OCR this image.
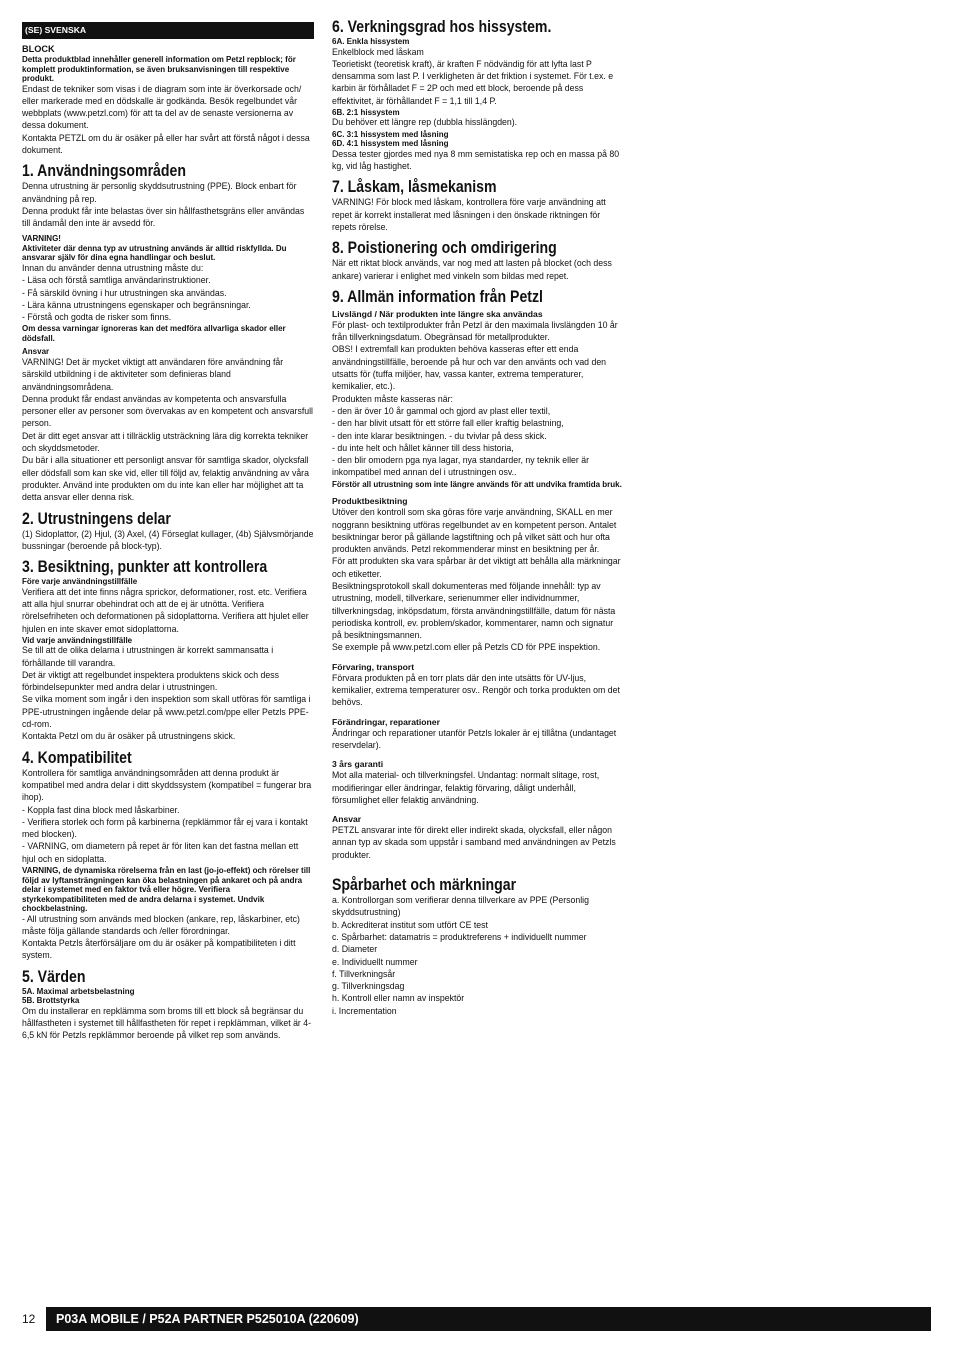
(SE) SVENSKA
BLOCK

Detta produktblad innehåller generell information om Petzl repblock; för komplett produktinformation, se även bruksanvisningen till respektive produkt.

Endast de tekniker som visas i de diagram som inte är överkorsade och/ eller markerade med en dödskalle är godkända. Besök regelbundet vår webbplats (www.petzl.com) för att ta del av de senaste versionerna av dessa dokument.

Kontakta PETZL om du är osäker på eller har svårt att förstå något i dessa dokument.

1. Användningsområden

Denna utrustning är personlig skyddsutrustning (PPE). Block enbart för användning på rep.

Denna produkt får inte belastas över sin hållfasthetsgräns eller användas till ändamål den inte är avsedd för.

VARNING!

Aktiviteter där denna typ av utrustning används är alltid riskfyllda. Du ansvarar själv för dina egna handlingar och beslut.

Innan du använder denna utrustning måste du:

- Läsa och förstå samtliga användarinstruktioner.

- Få särskild övning i hur utrustningen ska användas.

- Lära känna utrustningens egenskaper och begränsningar.

- Förstå och godta de risker som finns.

Om dessa varningar ignoreras kan det medföra allvarliga skador eller dödsfall.

Ansvar

VARNING! Det är mycket viktigt att användaren före användning får särskild utbildning i de aktiviteter som definieras bland användningsområdena.

Denna produkt får endast användas av kompetenta och ansvarsfulla personer eller av personer som övervakas av en kompetent och ansvarsfull person.

Det är ditt eget ansvar att i tillräcklig utsträckning lära dig korrekta tekniker och skyddsmetoder.

Du bär i alla situationer ett personligt ansvar för samtliga skador, olycksfall eller dödsfall som kan ske vid, eller till följd av, felaktig användning av våra produkter. Använd inte produkten om du inte kan eller har möjlighet att ta detta ansvar eller denna risk.

2. Utrustningens delar

(1) Sidoplattor, (2) Hjul, (3) Axel, (4) Förseglat kullager, (4b) Självsmörjande bussningar (beroende på block-typ).

3. Besiktning, punkter att kontrollera
Före varje användningstillfälle

Verifiera att det inte finns några sprickor, deformationer, rost. etc. Verifiera att alla hjul snurrar obehindrat och att de ej är utnötta. Verifiera rörelsefriheten och deformationen på sidoplattorna. Verifiera att hjulet eller hjulen en inte skaver emot sidoplattorna.

Vid varje användningstillfälle

Se till att de olika delarna i utrustningen är korrekt sammansatta i förhållande till varandra.

Det är viktigt att regelbundet inspektera produktens skick och dess förbindelsepunkter med andra delar i utrustningen.

Se vilka moment som ingår i den inspektion som skall utföras för samtliga i PPE-utrustningen ingående delar på www.petzl.com/ppe eller Petzls PPE-cd-rom.

Kontakta Petzl om du är osäker på utrustningens skick.

4. Kompatibilitet

Kontrollera för samtliga användningsområden att denna produkt är kompatibel med andra delar i ditt skyddssystem (kompatibel = fungerar bra ihop).

- Koppla fast dina block med låskarbiner.

- Verifiera storlek och form på karbinerna (repklämmor får ej vara i kontakt med blocken).

- VARNING, om diametern på repet är för liten kan det fastna mellan ett hjul och en sidoplatta.

VARNING, de dynamiska rörelserna från en last (jo-jo-effekt) och rörelser till följd av lyftansträngningen kan öka belastningen på ankaret och på andra delar i systemet med en faktor två eller högre. Verifiera styrkekompatibiliteten med de andra delarna i systemet. Undvik chockbelastning.

- All utrustning som används med blocken (ankare, rep, låskarbiner, etc) måste följa gällande standards och /eller förordningar.

Kontakta Petzls återförsäljare om du är osäker på kompatibiliteten i ditt system.

5. Värden
5A. Maximal arbetsbelastning
5B. Brottstyrka

Om du installerar en repklämma som broms till ett block så begränsar du hållfastheten i systemet till hållfastheten för repet i repklämman, vilket är 4-6,5 kN för Petzls repklämmor beroende på vilket rep som används.

6. Verkningsgrad hos hissystem.
6A. Enkla hissystem

Enkelblock med låskam

Teorietiskt (teoretisk kraft), är kraften F nödvändig för att lyfta last P densamma som last P. I verkligheten är det friktion i systemet. För t.ex. e karbin är förhålladet F = 2P och med ett block, beroende på dess effektivitet, är förhållandet F = 1,1 till 1,4 P.

6B. 2:1 hissystem

Du behöver ett längre rep (dubbla hisslängden).

6C. 3:1 hissystem med låsning
6D. 4:1 hissystem med låsning

Dessa tester gjordes med nya 8 mm semistatiska rep och en massa på 80 kg, vid låg hastighet.

7. Låskam, låsmekanism

VARNING! För block med låskam, kontrollera före varje användning att repet är korrekt installerat med låsningen i den önskade riktningen för repets rörelse.

8. Poistionering och omdirigering

När ett riktat block används, var nog med att lasten på blocket (och dess ankare) varierar i enlighet med vinkeln som bildas med repet.

9. Allmän information från Petzl
Livslängd / När produkten inte längre ska användas

För plast- och textilprodukter från Petzl är den maximala livslängden 10 år från tillverkningsdatum. Obegränsad för metallprodukter.

OBS! I extremfall kan produkten behöva kasseras efter ett enda användningstillfälle, beroende på hur och var den använts och vad den utsatts för (tuffa miljöer, hav, vassa kanter, extrema temperaturer, kemikalier, etc.).

Produkten måste kasseras när:

- den är över 10 år gammal och gjord av plast eller textil,

- den har blivit utsatt för ett större fall eller kraftig belastning,

- den inte klarar besiktningen. - du tvivlar på dess skick.

- du inte helt och hållet känner till dess historia,

- den blir omodern pga nya lagar, nya standarder, ny teknik eller är inkompatibel med annan del i utrustningen osv..

Förstör all utrustning som inte längre används för att undvika framtida bruk.

Produktbesiktning

Utöver den kontroll som ska göras före varje användning, SKALL en mer noggrann besiktning utföras regelbundet av en kompetent person. Antalet besiktningar beror på gällande lagstiftning och på vilket sätt och hur ofta produkten används. Petzl rekommenderar minst en besiktning per år.

För att produkten ska vara spårbar är det viktigt att behålla alla märkningar och etiketter.

Besiktningsprotokoll skall dokumenteras med följande innehåll: typ av utrustning, modell, tillverkare, serienummer eller individnummer, tillverkningsdag, inköpsdatum, första användningstillfälle, datum för nästa periodiska kontroll, ev. problem/skador, kommentarer, namn och signatur på besiktningsmannen.

Se exemple på www.petzl.com eller på Petzls CD för PPE inspektion.

Förvaring, transport

Förvara produkten på en torr plats där den inte utsätts för UV-ljus, kemikalier, extrema temperaturer osv.. Rengör och torka produkten om det behövs.

Förändringar, reparationer

Ändringar och reparationer utanför Petzls lokaler är ej tillåtna (undantaget reservdelar).

3 års garanti

Mot alla material- och tillverkningsfel. Undantag: normalt slitage, rost, modifieringar eller ändringar, felaktig förvaring, dåligt underhåll, försumlighet eller felaktig användning.

Ansvar

PETZL ansvarar inte för direkt eller indirekt skada, olycksfall, eller någon annan typ av skada som uppstår i samband med användningen av Petzls produkter.

Spårbarhet och märkningar

a. Kontrollorgan som verifierar denna tillverkare av PPE (Personlig skyddsutrustning)

b. Ackrediterat institut som utfört CE test

c. Spårbarhet: datamatris = produktreferens + individuellt nummer

d. Diameter

e. Individuellt nummer

f. Tillverkningsår

g. Tillverkningsdag

h. Kontroll eller namn av inspektör

i. Incrementation

12	P03A MOBILE / P52A PARTNER P525010A (220609)
